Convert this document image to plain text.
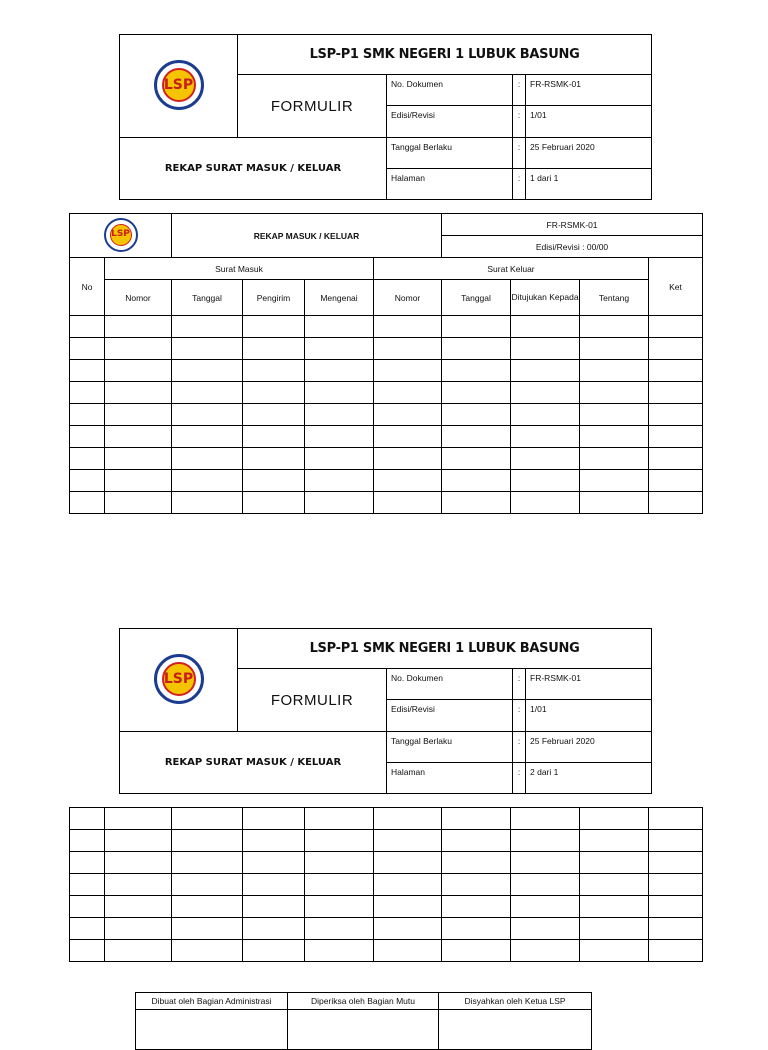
LSP	LSP-P1 SMK NEGERI 1 LUBUK BASUNG			
	FORMULIR	No. Dokumen	:	FR-RSMK-01
		Edisi/Revisi	:	1/01
REKAP SURAT MASUK / KELUAR		Tanggal Berlaku	:	25 Februari 2020
		Halaman	:	1 dari 1
LSP		REKAP MASUK / KELUAR				FR-RSMK-01			
						Edisi/Revisi : 00/00			
No	Surat Masuk				Surat Keluar				Ket
	Nomor	Tanggal	Pengirim	Mengenai	Nomor	Tanggal	Ditujukan Kepada	Tentang	

LSP	LSP-P1 SMK NEGERI 1 LUBUK BASUNG			
	FORMULIR	No. Dokumen	:	FR-RSMK-01
		Edisi/Revisi	:	1/01
REKAP SURAT MASUK / KELUAR		Tanggal Berlaku	:	25 Februari 2020
		Halaman	:	2 dari 1

Dibuat oleh Bagian Administrasi	Diperiksa oleh Bagian Mutu	Disyahkan oleh Ketua LSP
